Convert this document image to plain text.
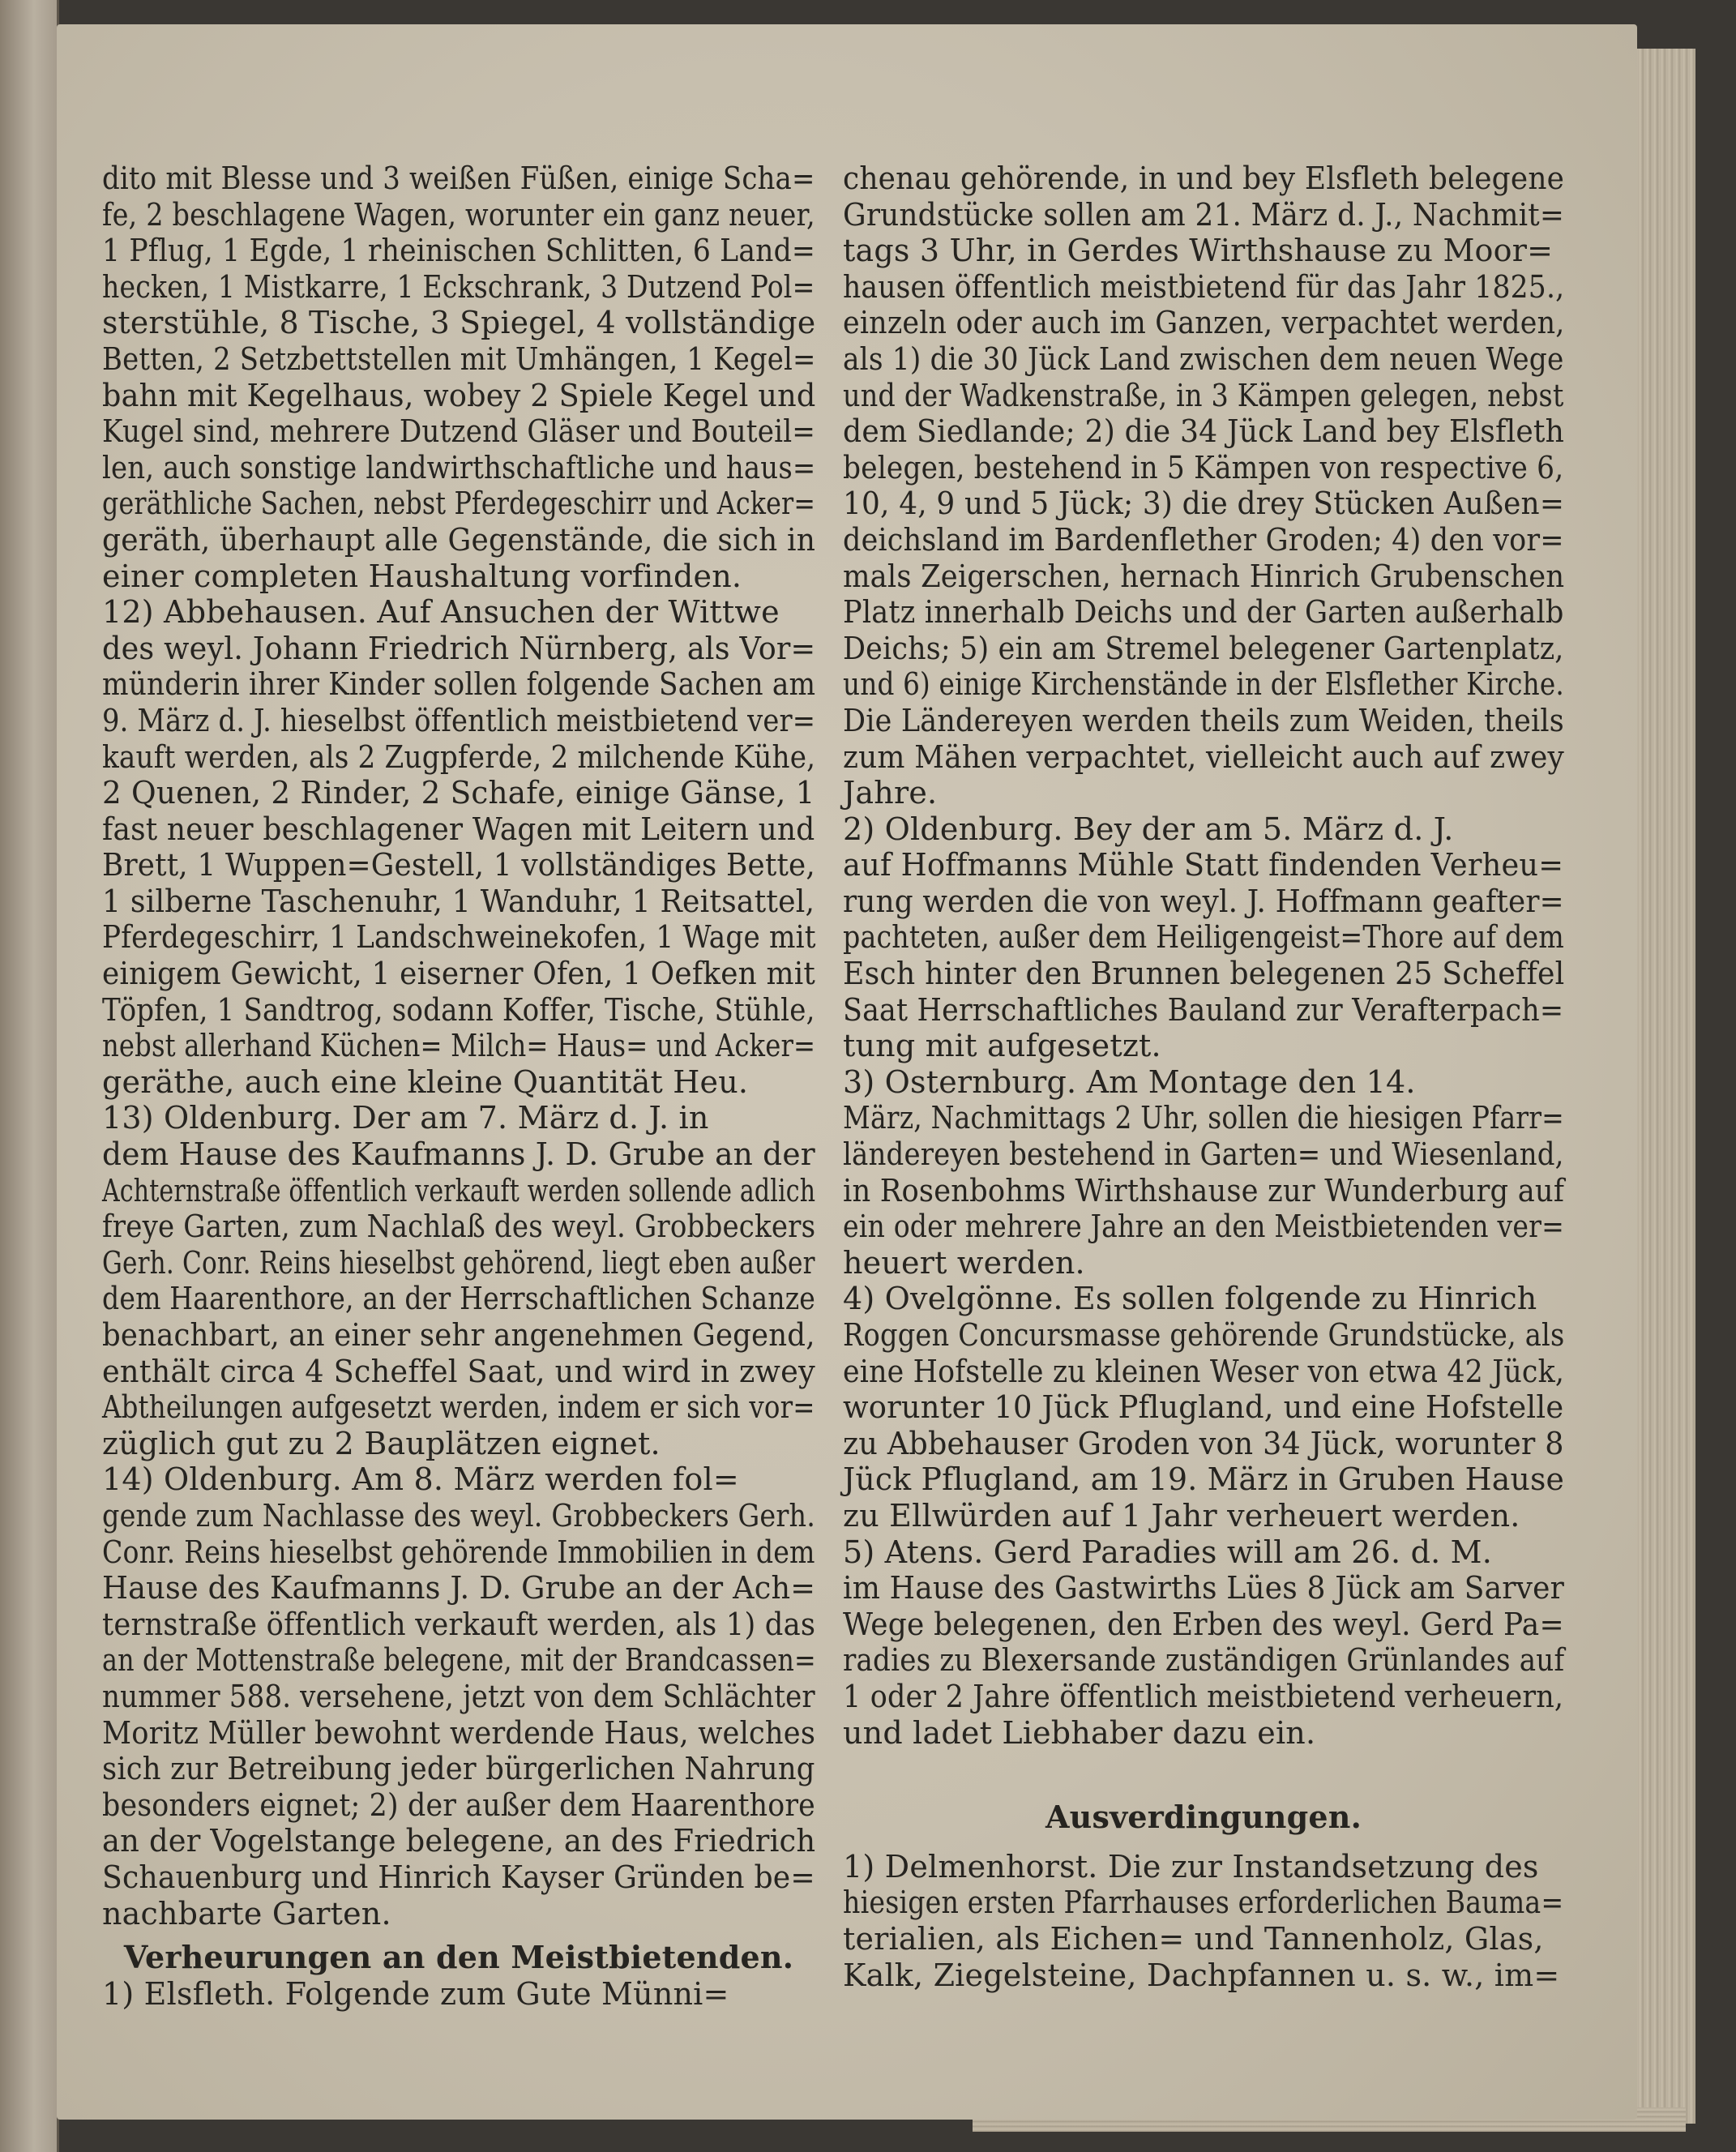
dito mit Blesse und 3 weißen Füßen, einige Scha=
fe, 2 beschlagene Wagen, worunter ein ganz neuer,
1 Pflug, 1 Egde, 1 rheinischen Schlitten, 6 Land=
hecken, 1 Mistkarre, 1 Eckschrank, 3 Dutzend Pol=
sterstühle, 8 Tische, 3 Spiegel, 4 vollständige
Betten, 2 Setzbettstellen mit Umhängen, 1 Kegel=
bahn mit Kegelhaus, wobey 2 Spiele Kegel und
Kugel sind, mehrere Dutzend Gläser und Bouteil=
len, auch sonstige landwirthschaftliche und haus=
geräthliche Sachen, nebst Pferdegeschirr und Acker=
geräth, überhaupt alle Gegenstände, die sich in
einer completen Haushaltung vorfinden.
12) Abbehausen. Auf Ansuchen der Wittwe
des weyl. Johann Friedrich Nürnberg, als Vor=
münderin ihrer Kinder sollen folgende Sachen am
9. März d. J. hieselbst öffentlich meistbietend ver=
kauft werden, als 2 Zugpferde, 2 milchende Kühe,
2 Quenen, 2 Rinder, 2 Schafe, einige Gänse, 1
fast neuer beschlagener Wagen mit Leitern und
Brett, 1 Wuppen=Gestell, 1 vollständiges Bette,
1 silberne Taschenuhr, 1 Wanduhr, 1 Reitsattel,
Pferdegeschirr, 1 Landschweinekofen, 1 Wage mit
einigem Gewicht, 1 eiserner Ofen, 1 Oefken mit
Töpfen, 1 Sandtrog, sodann Koffer, Tische, Stühle,
nebst allerhand Küchen= Milch= Haus= und Acker=
geräthe, auch eine kleine Quantität Heu.
13) Oldenburg. Der am 7. März d. J. in
dem Hause des Kaufmanns J. D. Grube an der
Achternstraße öffentlich verkauft werden sollende adlich
freye Garten, zum Nachlaß des weyl. Grobbeckers
Gerh. Conr. Reins hieselbst gehörend, liegt eben außer
dem Haarenthore, an der Herrschaftlichen Schanze
benachbart, an einer sehr angenehmen Gegend,
enthält circa 4 Scheffel Saat, und wird in zwey
Abtheilungen aufgesetzt werden, indem er sich vor=
züglich gut zu 2 Bauplätzen eignet.
14) Oldenburg. Am 8. März werden fol=
gende zum Nachlasse des weyl. Grobbeckers Gerh.
Conr. Reins hieselbst gehörende Immobilien in dem
Hause des Kaufmanns J. D. Grube an der Ach=
ternstraße öffentlich verkauft werden, als 1) das
an der Mottenstraße belegene, mit der Brandcassen=
nummer 588. versehene, jetzt von dem Schlächter
Moritz Müller bewohnt werdende Haus, welches
sich zur Betreibung jeder bürgerlichen Nahrung
besonders eignet; 2) der außer dem Haarenthore
an der Vogelstange belegene, an des Friedrich
Schauenburg und Hinrich Kayser Gründen be=
nachbarte Garten.
Verheurungen an den Meistbietenden.
1) Elsfleth. Folgende zum Gute Münni=
chenau gehörende, in und bey Elsfleth belegene
Grundstücke sollen am 21. März d. J., Nachmit=
tags 3 Uhr, in Gerdes Wirthshause zu Moor=
hausen öffentlich meistbietend für das Jahr 1825.,
einzeln oder auch im Ganzen, verpachtet werden,
als 1) die 30 Jück Land zwischen dem neuen Wege
und der Wadkenstraße, in 3 Kämpen gelegen, nebst
dem Siedlande; 2) die 34 Jück Land bey Elsfleth
belegen, bestehend in 5 Kämpen von respective 6,
10, 4, 9 und 5 Jück; 3) die drey Stücken Außen=
deichsland im Bardenflether Groden; 4) den vor=
mals Zeigerschen, hernach Hinrich Grubenschen
Platz innerhalb Deichs und der Garten außerhalb
Deichs; 5) ein am Stremel belegener Gartenplatz,
und 6) einige Kirchenstände in der Elsflether Kirche.
Die Ländereyen werden theils zum Weiden, theils
zum Mähen verpachtet, vielleicht auch auf zwey
Jahre.
2) Oldenburg. Bey der am 5. März d. J.
auf Hoffmanns Mühle Statt findenden Verheu=
rung werden die von weyl. J. Hoffmann geafter=
pachteten, außer dem Heiligengeist=Thore auf dem
Esch hinter den Brunnen belegenen 25 Scheffel
Saat Herrschaftliches Bauland zur Verafterpach=
tung mit aufgesetzt.
3) Osternburg. Am Montage den 14.
März, Nachmittags 2 Uhr, sollen die hiesigen Pfarr=
ländereyen bestehend in Garten= und Wiesenland,
in Rosenbohms Wirthshause zur Wunderburg auf
ein oder mehrere Jahre an den Meistbietenden ver=
heuert werden.
4) Ovelgönne. Es sollen folgende zu Hinrich
Roggen Concursmasse gehörende Grundstücke, als
eine Hofstelle zu kleinen Weser von etwa 42 Jück,
worunter 10 Jück Pflugland, und eine Hofstelle
zu Abbehauser Groden von 34 Jück, worunter 8
Jück Pflugland, am 19. März in Gruben Hause
zu Ellwürden auf 1 Jahr verheuert werden.
5) Atens. Gerd Paradies will am 26. d. M.
im Hause des Gastwirths Lües 8 Jück am Sarver
Wege belegenen, den Erben des weyl. Gerd Pa=
radies zu Blexersande zuständigen Grünlandes auf
1 oder 2 Jahre öffentlich meistbietend verheuern,
und ladet Liebhaber dazu ein.
Ausverdingungen.
1) Delmenhorst. Die zur Instandsetzung des
hiesigen ersten Pfarrhauses erforderlichen Bauma=
terialien, als Eichen= und Tannenholz, Glas,
Kalk, Ziegelsteine, Dachpfannen u. s. w., im=
